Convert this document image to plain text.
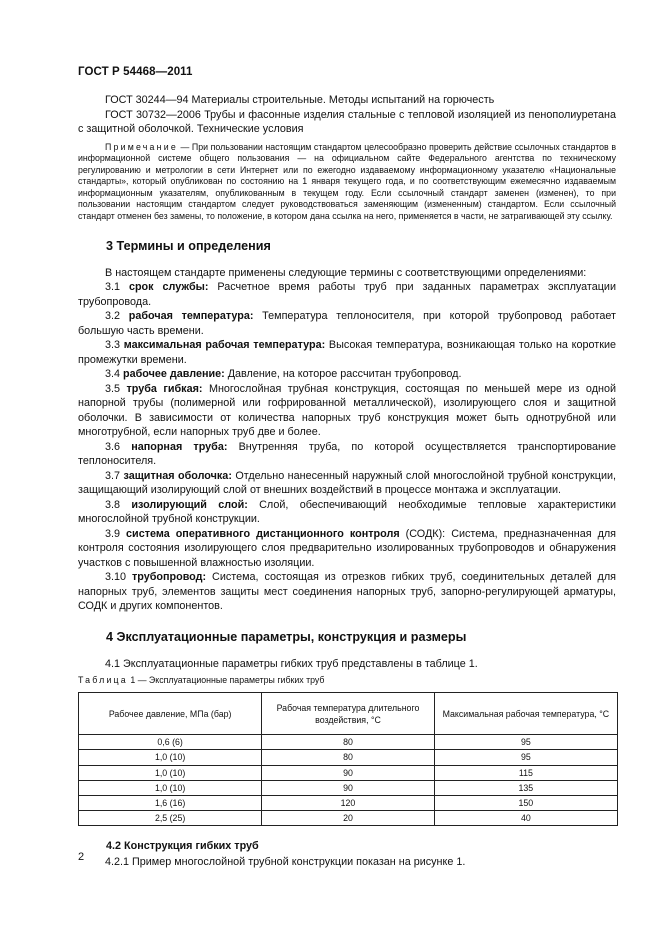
ГОСТ Р 54468—2011

ГОСТ 30244—94 Материалы строительные. Методы испытаний на горючесть

ГОСТ 30732—2006 Трубы и фасонные изделия стальные с тепловой изоляцией из пенополиуретана с защитной оболочкой. Технические условия

Примечание — При пользовании настоящим стандартом целесообразно проверить действие ссылочных стандартов в информационной системе общего пользования — на официальном сайте Федерального агентства по техническому регулированию и метрологии в сети Интернет или по ежегодно издаваемому информационному указателю «Национальные стандарты», который опубликован по состоянию на 1 января текущего года, и по соответствующим ежемесячно издаваемым информационным указателям, опубликованным в текущем году. Если ссылочный стандарт заменен (изменен), то при пользовании настоящим стандартом следует руководствоваться заменяющим (измененным) стандартом. Если ссылочный стандарт отменен без замены, то положение, в котором дана ссылка на него, применяется в части, не затрагивающей эту ссылку.

3 Термины и определения

В настоящем стандарте применены следующие термины с соответствующими определениями:

3.1 срок службы: Расчетное время работы труб при заданных параметрах эксплуатации трубопровода.

3.2 рабочая температура: Температура теплоносителя, при которой трубопровод работает большую часть времени.

3.3 максимальная рабочая температура: Высокая температура, возникающая только на короткие промежутки времени.

3.4 рабочее давление: Давление, на которое рассчитан трубопровод.

3.5 труба гибкая: Многослойная трубная конструкция, состоящая по меньшей мере из одной напорной трубы (полимерной или гофрированной металлической), изолирующего слоя и защитной оболочки. В зависимости от количества напорных труб конструкция может быть однотрубной или многотрубной, если напорных труб две и более.

3.6 напорная труба: Внутренняя труба, по которой осуществляется транспортирование теплоносителя.

3.7 защитная оболочка: Отдельно нанесенный наружный слой многослойной трубной конструкции, защищающий изолирующий слой от внешних воздействий в процессе монтажа и эксплуатации.

3.8 изолирующий слой: Слой, обеспечивающий необходимые тепловые характеристики многослойной трубной конструкции.

3.9 система оперативного дистанционного контроля (СОДК): Система, предназначенная для контроля состояния изолирующего слоя предварительно изолированных трубопроводов и обнаружения участков с повышенной влажностью изоляции.

3.10 трубопровод: Система, состоящая из отрезков гибких труб, соединительных деталей для напорных труб, элементов защиты мест соединения напорных труб, запорно-регулирующей арматуры, СОДК и других компонентов.

4 Эксплуатационные параметры, конструкция и размеры

4.1 Эксплуатационные параметры гибких труб представлены в таблице 1.

Таблица 1 — Эксплуатационные параметры гибких труб

Рабочее давление, МПа (бар)	Рабочая температура длительного воздействия, °С	Максимальная рабочая температура, °С
0,6 (6)	80	95
1,0 (10)	80	95
1,0 (10)	90	115
1,0 (10)	90	135
1,6 (16)	120	150
2,5 (25)	20	40
4.2 Конструкция гибких труб

4.2.1 Пример многослойной трубной конструкции показан на рисунке 1.

2
